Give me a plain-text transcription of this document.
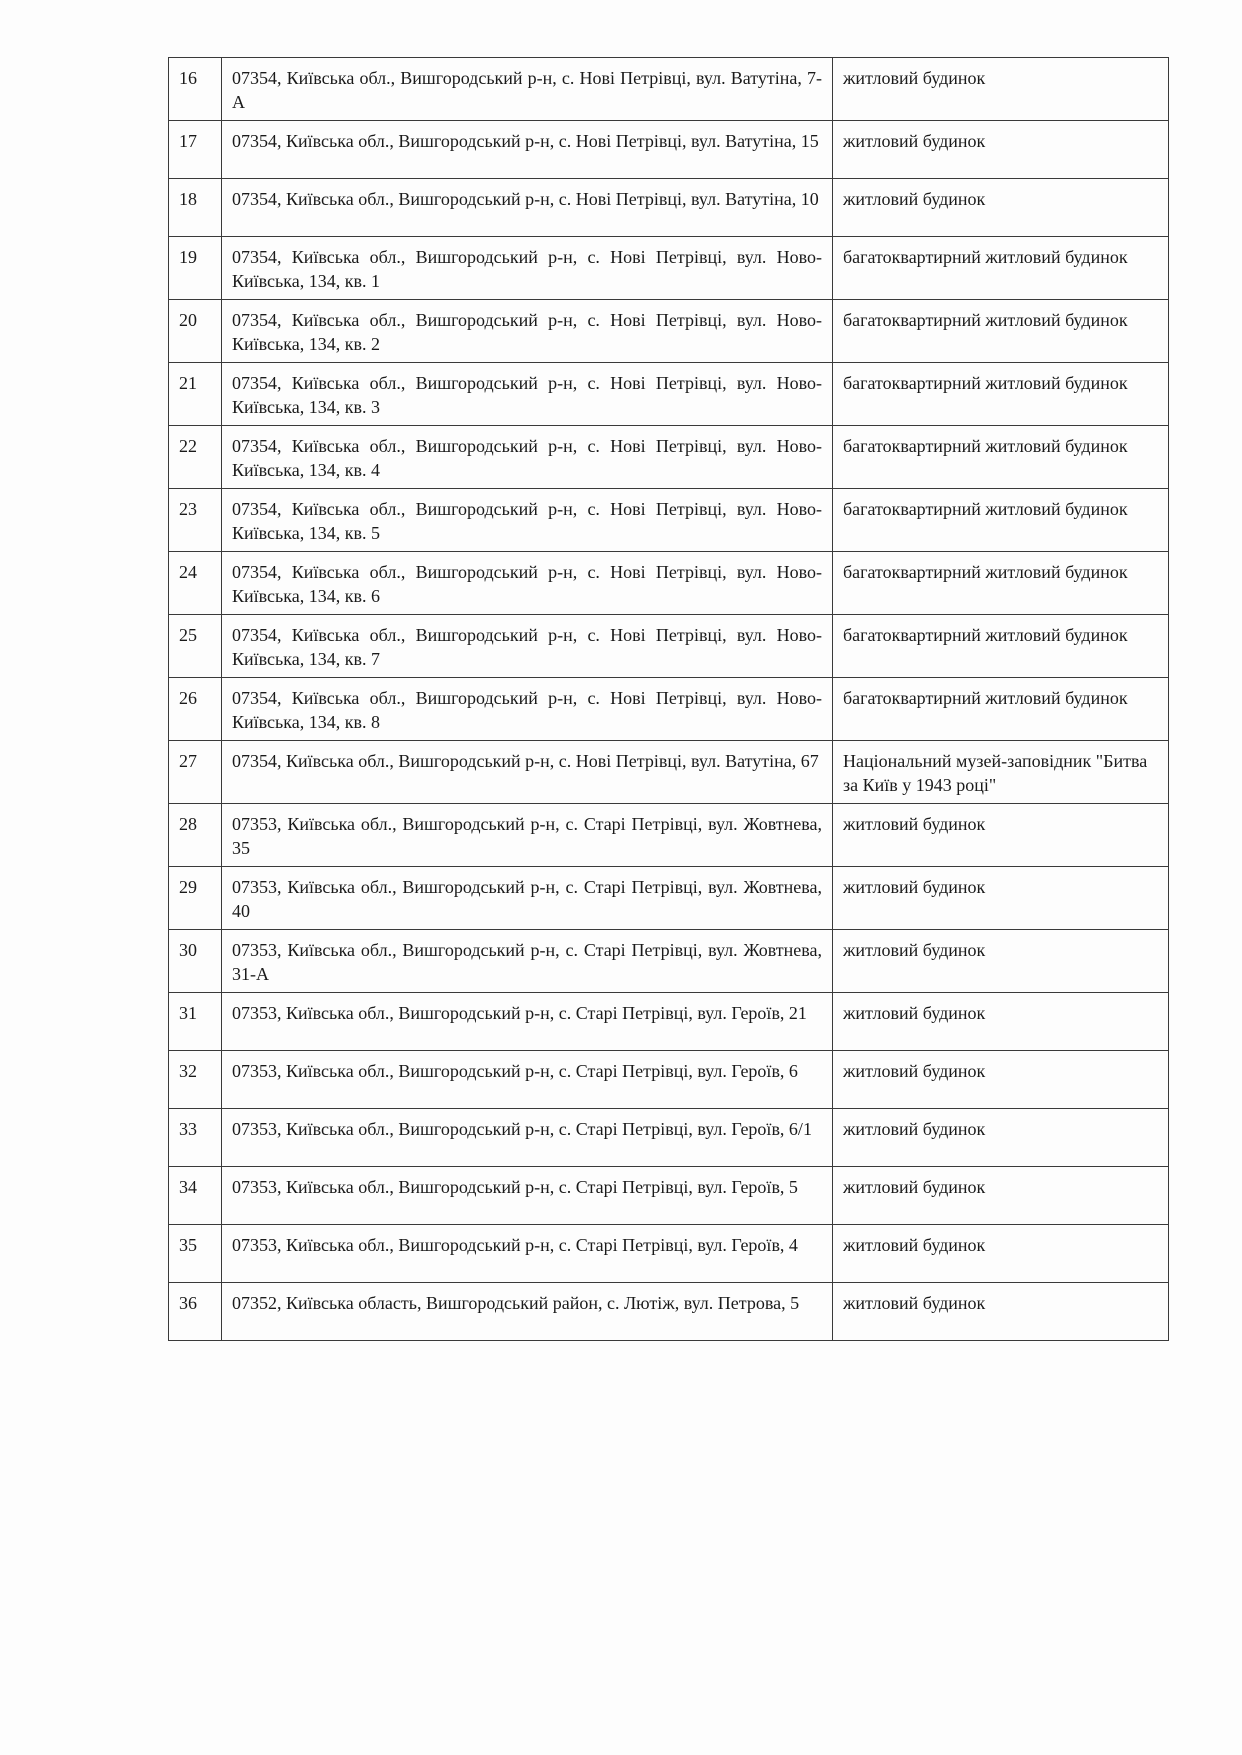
16	07354, Київська обл., Вишгородський р-н, с. Нові Петрівці, вул. Ватутіна, 7-А	житловий будинок
17	07354, Київська обл., Вишгородський р-н, с. Нові Петрівці, вул. Ватутіна, 15	житловий будинок
18	07354, Київська обл., Вишгородський р-н, с. Нові Петрівці, вул. Ватутіна, 10	житловий будинок
19	07354, Київська обл., Вишгородський р-н, с. Нові Петрівці, вул. Ново-Київська, 134, кв. 1	багатоквартирний житловий будинок
20	07354, Київська обл., Вишгородський р-н, с. Нові Петрівці, вул. Ново-Київська, 134, кв. 2	багатоквартирний житловий будинок
21	07354, Київська обл., Вишгородський р-н, с. Нові Петрівці, вул. Ново-Київська, 134, кв. 3	багатоквартирний житловий будинок
22	07354, Київська обл., Вишгородський р-н, с. Нові Петрівці, вул. Ново-Київська, 134, кв. 4	багатоквартирний житловий будинок
23	07354, Київська обл., Вишгородський р-н, с. Нові Петрівці, вул. Ново-Київська, 134, кв. 5	багатоквартирний житловий будинок
24	07354, Київська обл., Вишгородський р-н, с. Нові Петрівці, вул. Ново-Київська, 134, кв. 6	багатоквартирний житловий будинок
25	07354, Київська обл., Вишгородський р-н, с. Нові Петрівці, вул. Ново-Київська, 134, кв. 7	багатоквартирний житловий будинок
26	07354, Київська обл., Вишгородський р-н, с. Нові Петрівці, вул. Ново-Київська, 134, кв. 8	багатоквартирний житловий будинок
27	07354, Київська обл., Вишгородський р-н, с. Нові Петрівці, вул. Ватутіна, 67	Національний музей-заповідник "Битва за Київ у 1943 році"
28	07353, Київська обл., Вишгородський р-н, с. Старі Петрівці, вул. Жовтнева, 35	житловий будинок
29	07353, Київська обл., Вишгородський р-н, с. Старі Петрівці, вул. Жовтнева, 40	житловий будинок
30	07353, Київська обл., Вишгородський р-н, с. Старі Петрівці, вул. Жовтнева, 31-А	житловий будинок
31	07353, Київська обл., Вишгородський р-н, с. Старі Петрівці, вул. Героїв, 21	житловий будинок
32	07353, Київська обл., Вишгородський р-н, с. Старі Петрівці, вул. Героїв, 6	житловий будинок
33	07353, Київська обл., Вишгородський р-н, с. Старі Петрівці, вул. Героїв, 6/1	житловий будинок
34	07353, Київська обл., Вишгородський р-н, с. Старі Петрівці, вул. Героїв, 5	житловий будинок
35	07353, Київська обл., Вишгородський р-н, с. Старі Петрівці, вул. Героїв, 4	житловий будинок
36	07352, Київська область, Вишгородський район, с. Лютіж, вул. Петрова, 5	житловий будинок
